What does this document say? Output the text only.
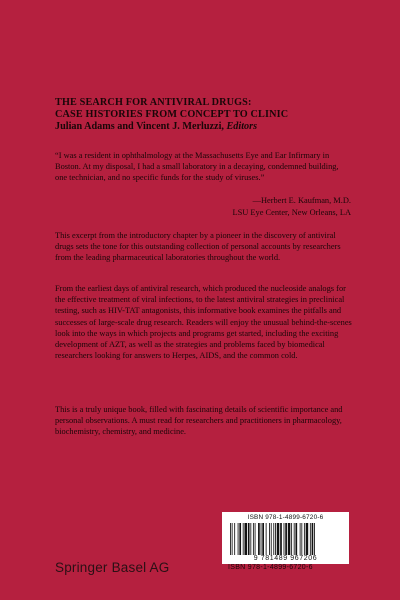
THE SEARCH FOR ANTIVIRAL DRUGS:
CASE HISTORIES FROM CONCEPT TO CLINIC
Julian Adams and Vincent J. Merluzzi, Editors
“I was a resident in ophthalmology at the Massachusetts Eye and Ear Infirmary in Boston. At my disposal, I had a small laboratory in a decaying, condemned building, one technician, and no specific funds for the study of viruses.”
—Herbert E. Kaufman, M.D.
LSU Eye Center, New Orleans, LA
This excerpt from the introductory chapter by a pioneer in the discovery of antiviral drugs sets the tone for this outstanding collection of personal accounts by researchers from the leading pharmaceutical laboratories throughout the world.
From the earliest days of antiviral research, which produced the nucleoside analogs for the effective treatment of viral infections, to the latest antiviral strategies in preclinical testing, such as HIV-TAT antagonists, this informative book examines the pitfalls and successes of large-scale drug research. Readers will enjoy the unusual behind-the-scenes look into the ways in which projects and programs get started, including the exciting development of AZT, as well as the strategies and problems faced by biomedical researchers looking for answers to Herpes, AIDS, and the common cold.
This is a truly unique book, filled with fascinating details of scientific importance and personal observations. A must read for researchers and practitioners in pharmacology, biochemistry, chemistry, and medicine.
Springer Basel AG
ISBN 978-1-4899-6720-6
9 781489 967206
ISBN 978-1-4899-6720-6
